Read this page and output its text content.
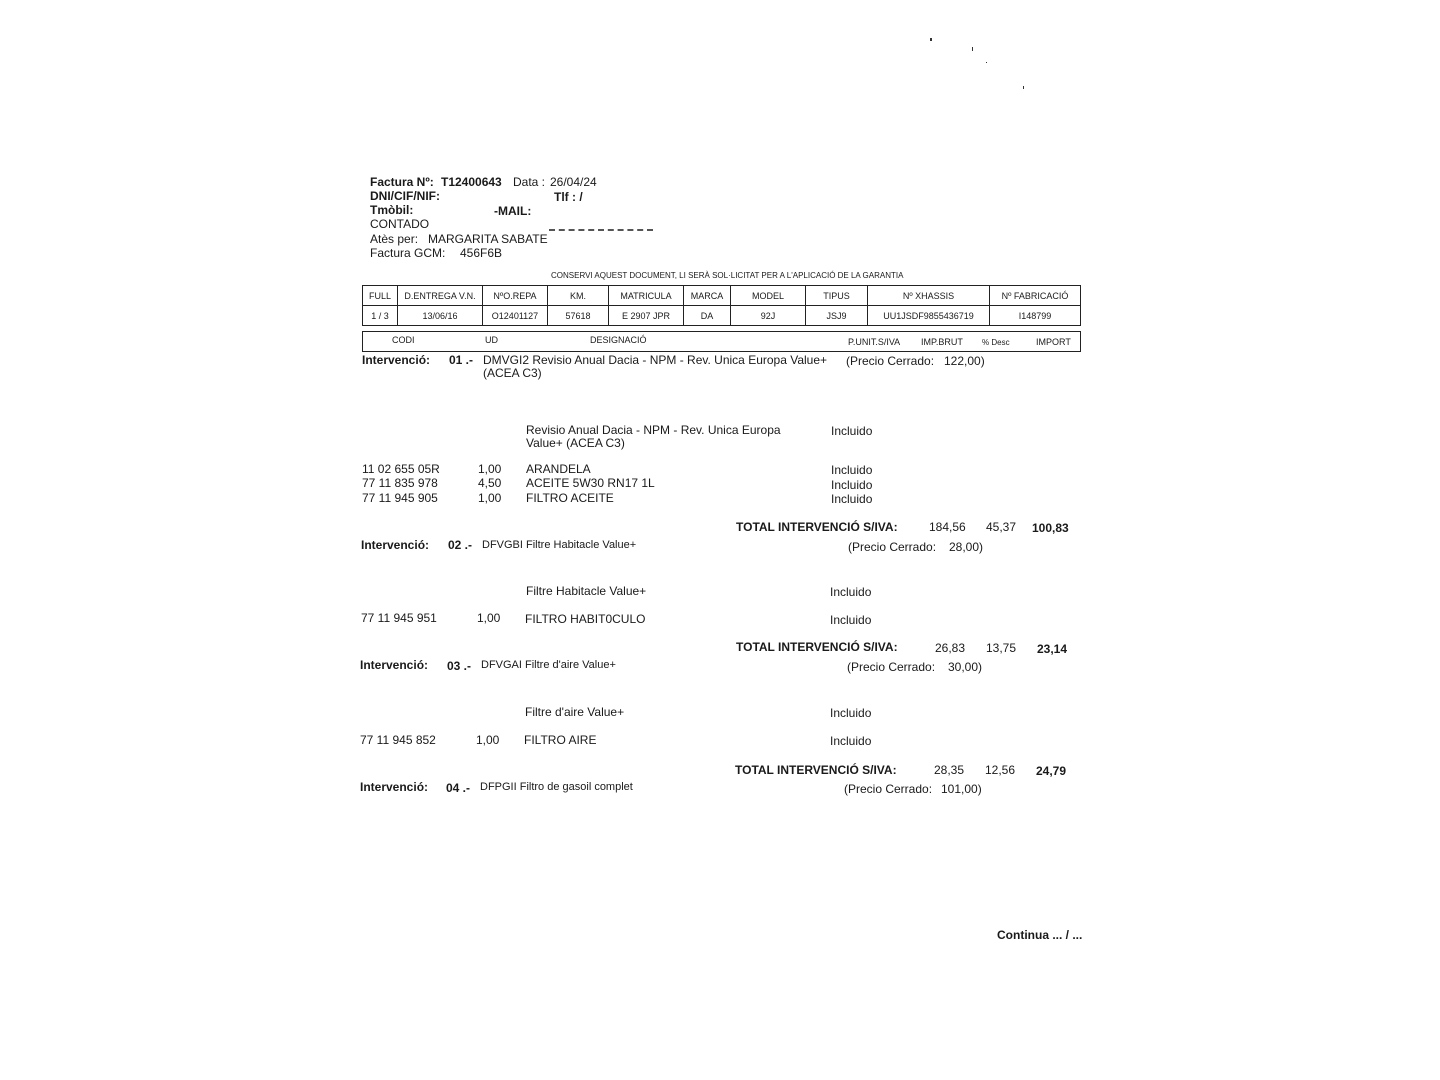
Factura Nº: T12400643 Data : 26/04/24
DNI/CIF/NIF:	Tlf : /
Tmòbil:	-MAIL:
CONTADO
Atès per: MARGARITA SABATE
Factura GCM: 456F6B
CONSERVI AQUEST DOCUMENT, LI SERÀ SOL·LICITAT PER A L'APLICACIÓ DE LA GARANTIA
FULL	D.ENTREGA V.N.	NºO.REPA	KM.	MATRICULA	MARCA	MODEL	TIPUS	Nº XHASSIS	Nº FABRICACIÓ
1 / 3	13/06/16	O12401127	57618	E 2907 JPR	DA	92J	JSJ9	UU1JSDF9855436719	I148799
CODI	UD	DESIGNACIÓ	P.UNIT.S/IVA IMP.BRUT % Desc	IMPORT
Intervenció: 01 .- DMVGI2 Revisio Anual Dacia - NPM - Rev. Unica Europa Value+
(ACEA C3)
(Precio Cerrado: 122,00)
Revisio Anual Dacia - NPM - Rev. Unica Europa
Value+ (ACEA C3)
Incluido
11 02 655 05R	1,00 ARANDELA	Incluido
77 11 835 978	4,50 ACEITE 5W30 RN17 1L	Incluido
77 11 945 905	1,00 FILTRO ACEITE	Incluido
TOTAL INTERVENCIÓ S/IVA:	184,56 45,37 100,83
Intervenció: 02 .- DFVGBI Filtre Habitacle Value+	(Precio Cerrado: 28,00)
Filtre Habitacle Value+	Incluido
77 11 945 951	1,00 FILTRO HABIT0CULO	Incluido
TOTAL INTERVENCIÓ S/IVA:	26,83 13,75 23,14
Intervenció: 03 .- DFVGAI Filtre d'aire Value+	(Precio Cerrado: 30,00)
Filtre d'aire Value+	Incluido
77 11 945 852	1,00 FILTRO AIRE	Incluido
TOTAL INTERVENCIÓ S/IVA:	28,35 12,56 24,79
Intervenció: 04 .- DFPGII Filtro de gasoil complet	(Precio Cerrado: 101,00)
Continua ... / ...
